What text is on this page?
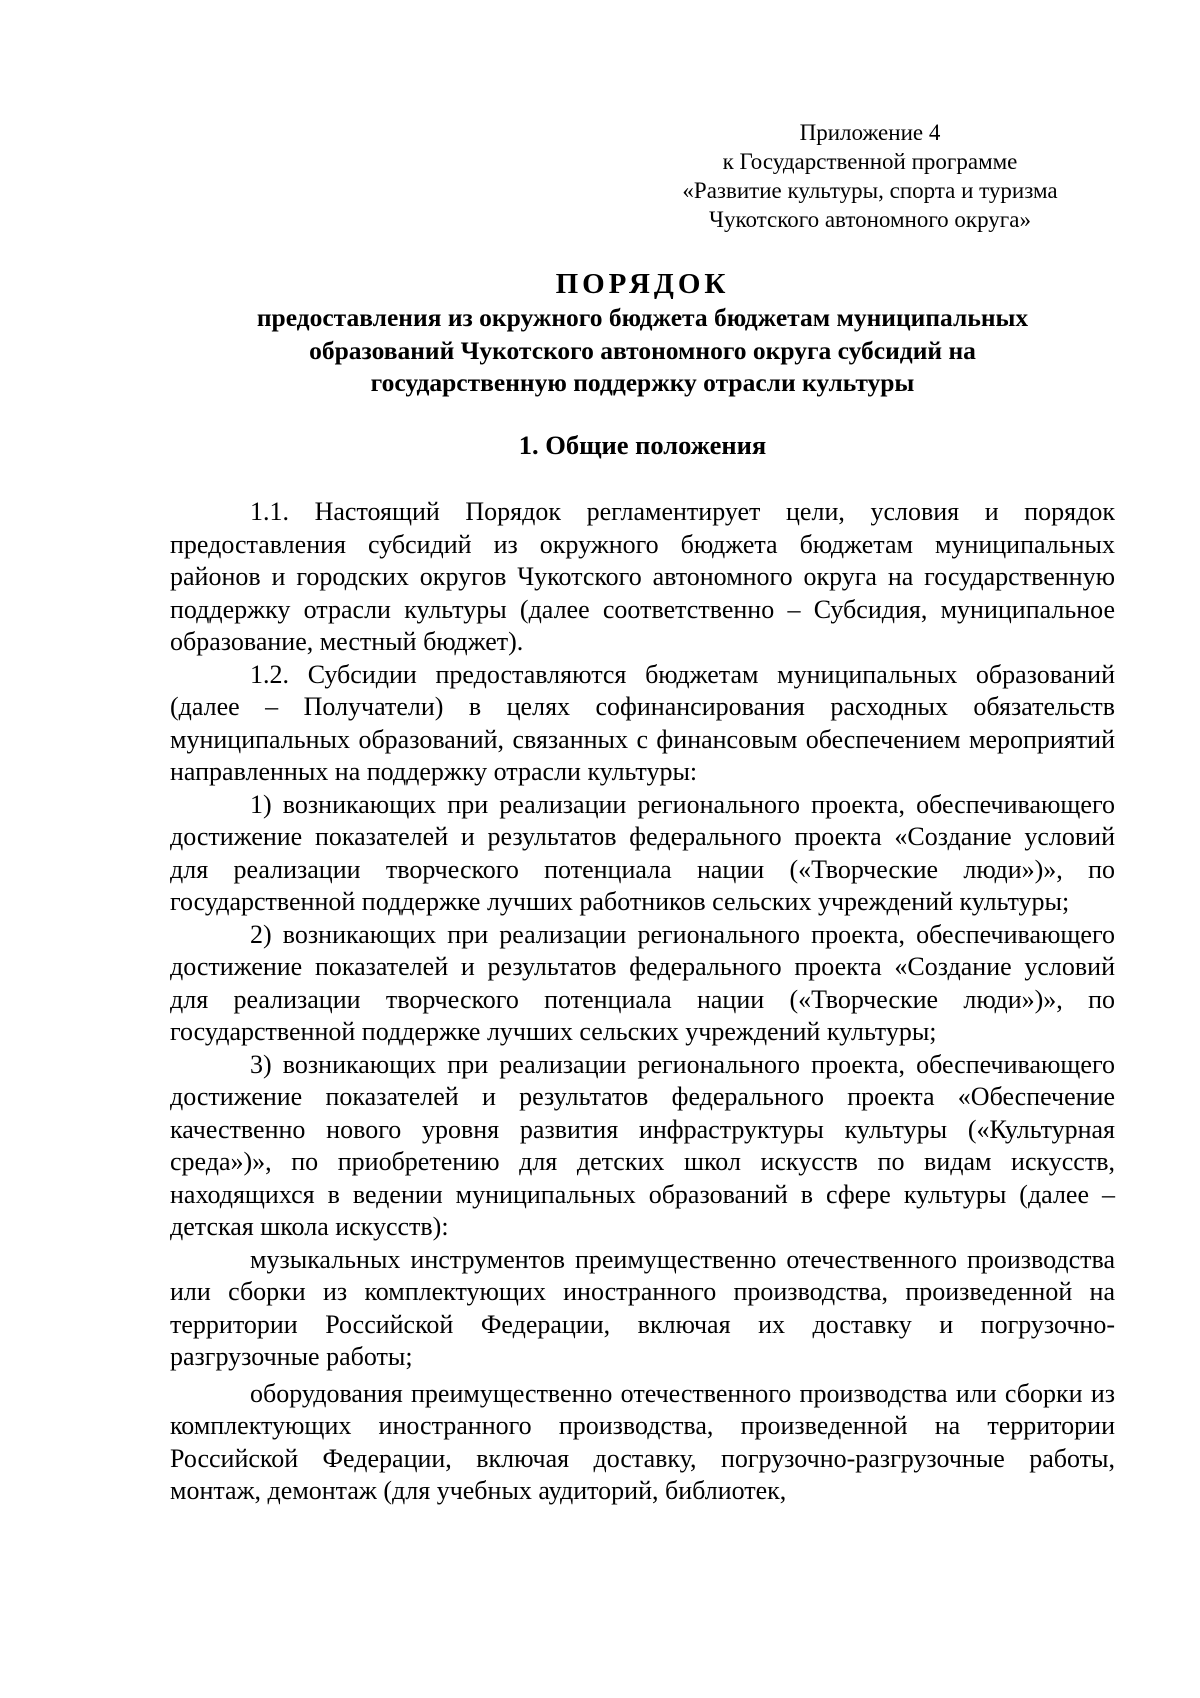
Приложение 4
к Государственной программе
«Развитие культуры, спорта и туризма
Чукотского автономного округа»
ПОРЯДОК
предоставления из окружного бюджета бюджетам муниципальных
образований Чукотского автономного округа субсидий на
государственную поддержку отрасли культуры
1. Общие положения

1.1. Настоящий Порядок регламентирует цели, условия и порядок предоставления субсидий из окружного бюджета бюджетам муниципальных районов и городских округов Чукотского автономного округа на государственную поддержку отрасли культуры (далее соответственно – Субсидия, муниципальное образование, местный бюджет).

1.2. Субсидии предоставляются бюджетам муниципальных образований (далее – Получатели) в целях софинансирования расходных обязательств муниципальных образований, связанных с финансовым обеспечением мероприятий направленных на поддержку отрасли культуры:

1) возникающих при реализации регионального проекта, обеспечивающего достижение показателей и результатов федерального проекта «Создание условий для реализации творческого потенциала нации («Творческие люди»)», по государственной поддержке лучших работников сельских учреждений культуры;

2) возникающих при реализации регионального проекта, обеспечивающего достижение показателей и результатов федерального проекта «Создание условий для реализации творческого потенциала нации («Творческие люди»)», по государственной поддержке лучших сельских учреждений культуры;

3) возникающих при реализации регионального проекта, обеспечивающего достижение показателей и результатов федерального проекта «Обеспечение качественно нового уровня развития инфраструктуры культуры («Культурная среда»)», по приобретению для детских школ искусств по видам искусств, находящихся в ведении муниципальных образований в сфере культуры (далее – детская школа искусств):

музыкальных инструментов преимущественно отечественного производства или сборки из комплектующих иностранного производства, произведенной на территории Российской Федерации, включая их доставку и погрузочно-разгрузочные работы;

оборудования преимущественно отечественного производства или сборки из комплектующих иностранного производства, произведенной на территории Российской Федерации, включая доставку, погрузочно-разгрузочные работы, монтаж, демонтаж (для учебных аудиторий, библиотек,
